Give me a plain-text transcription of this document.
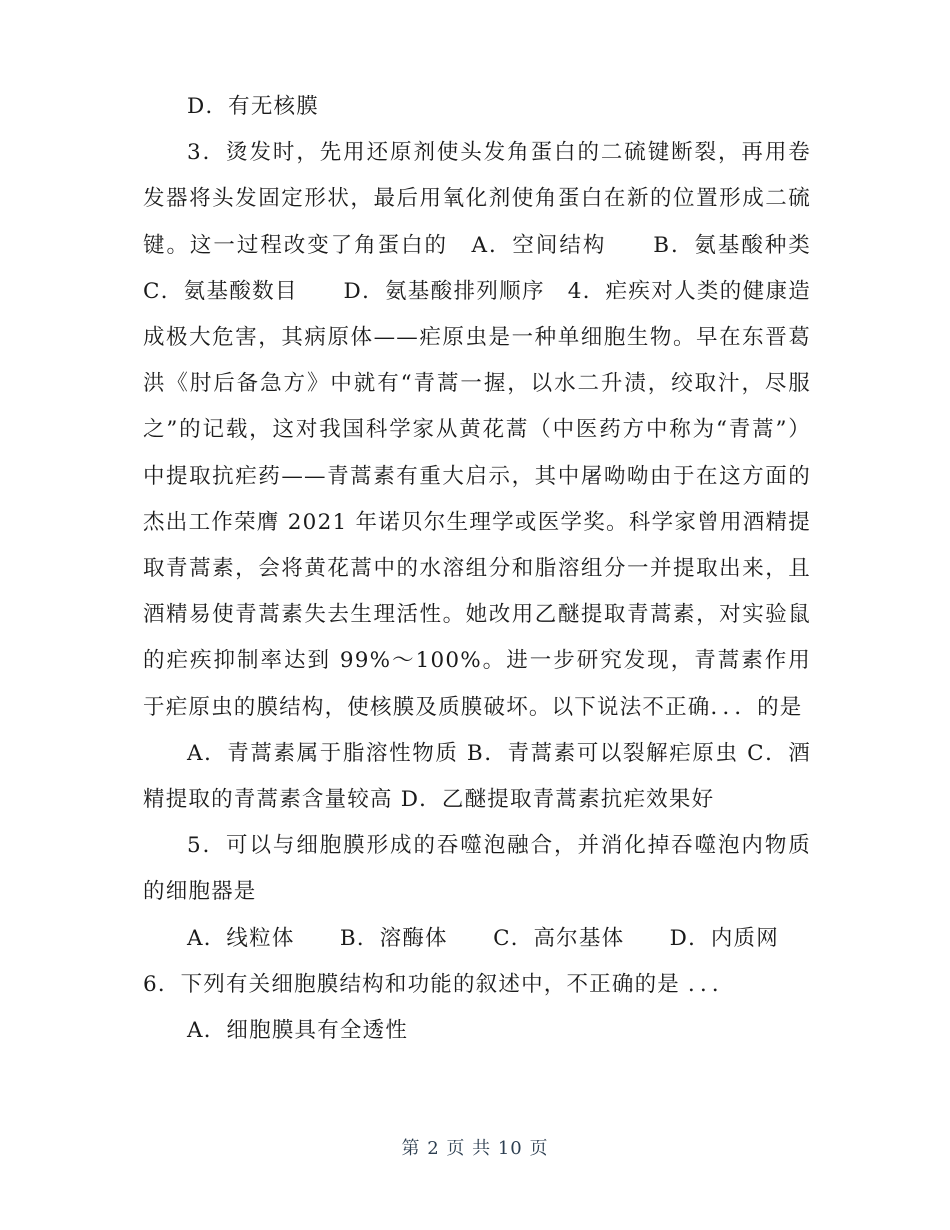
D．有无核膜

3．烫发时，先用还原剂使头发角蛋白的二硫键断裂，再用卷发器将头发固定形状，最后用氧化剂使角蛋白在新的位置形成二硫键。这一过程改变了角蛋白的　A．空间结构　　B．氨基酸种类　C．氨基酸数目　　D．氨基酸排列顺序　4．疟疾对人类的健康造成极大危害，其病原体——疟原虫是一种单细胞生物。早在东晋葛洪《肘后备急方》中就有“青蒿一握，以水二升渍，绞取汁，尽服之”的记载，这对我国科学家从黄花蒿（中医药方中称为“青蒿”）中提取抗疟药——青蒿素有重大启示，其中屠呦呦由于在这方面的杰出工作荣膺 2021 年诺贝尔生理学或医学奖。科学家曾用酒精提取青蒿素，会将黄花蒿中的水溶组分和脂溶组分一并提取出来，且酒精易使青蒿素失去生理活性。她改用乙醚提取青蒿素，对实验鼠的疟疾抑制率达到 99%～100%。进一步研究发现，青蒿素作用于疟原虫的膜结构，使核膜及质膜破坏。以下说法不正确．．．的是

A．青蒿素属于脂溶性物质 B．青蒿素可以裂解疟原虫 C．酒精提取的青蒿素含量较高 D．乙醚提取青蒿素抗疟效果好

5．可以与细胞膜形成的吞噬泡融合，并消化掉吞噬泡内物质的细胞器是

A．线粒体　　B．溶酶体　　C．高尔基体　　D．内质网

6．下列有关细胞膜结构和功能的叙述中，不正确的是 ．．．

A．细胞膜具有全透性

第 2 页 共 10 页
